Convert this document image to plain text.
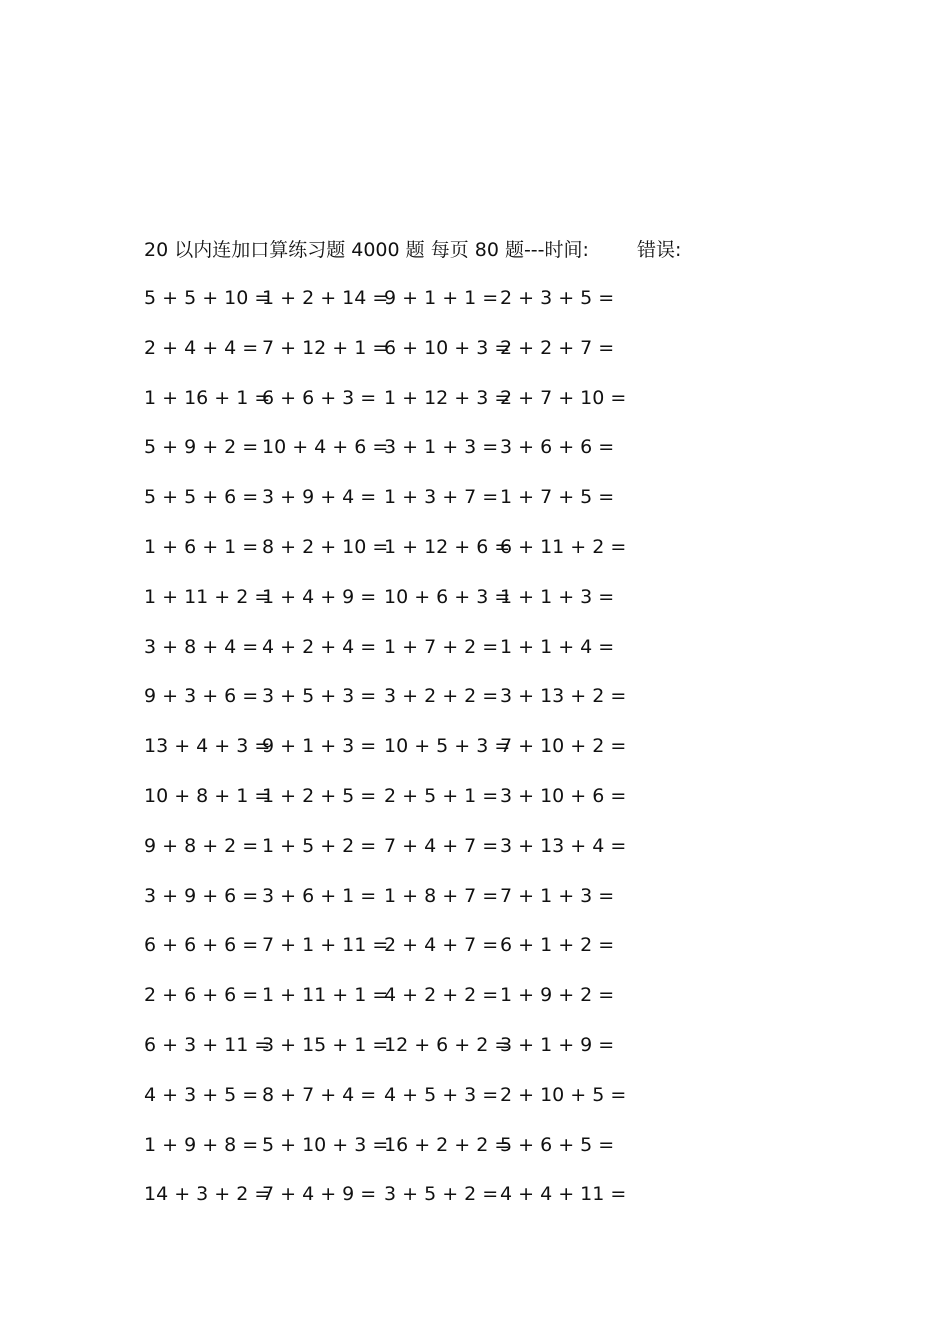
20 以内连加口算练习题 4000 题 每页 80 题---时间:	错误:
5 + 5 + 10 =
1 + 2 + 14 =
9 + 1 + 1 = 2 + 3 + 5 =
2 + 4 + 4 = 7 + 12 + 1 =
6 + 10 + 3 =
2 + 2 + 7 =
1 + 16 + 1 =
6 + 6 + 3 = 1 + 12 + 3 =
2 + 7 + 10 =
5 + 9 + 2 = 10 + 4 + 6 =
3 + 1 + 3 = 3 + 6 + 6 =
5 + 5 + 6 = 3 + 9 + 4 = 1 + 3 + 7 = 1 + 7 + 5 =
1 + 6 + 1 = 8 + 2 + 10 =
1 + 12 + 6 =
6 + 11 + 2 =
1 + 11 + 2 =
1 + 4 + 9 = 10 + 6 + 3 =
1 + 1 + 3 =
3 + 8 + 4 = 4 + 2 + 4 = 1 + 7 + 2 = 1 + 1 + 4 =
9 + 3 + 6 = 3 + 5 + 3 = 3 + 2 + 2 = 3 + 13 + 2 =
13 + 4 + 3 =
9 + 1 + 3 = 10 + 5 + 3 =
7 + 10 + 2 =
10 + 8 + 1 =
1 + 2 + 5 = 2 + 5 + 1 = 3 + 10 + 6 =
9 + 8 + 2 = 1 + 5 + 2 = 7 + 4 + 7 = 3 + 13 + 4 =
3 + 9 + 6 = 3 + 6 + 1 = 1 + 8 + 7 = 7 + 1 + 3 =
6 + 6 + 6 = 7 + 1 + 11 =
2 + 4 + 7 = 6 + 1 + 2 =
2 + 6 + 6 = 1 + 11 + 1 =
4 + 2 + 2 = 1 + 9 + 2 =
6 + 3 + 11 =
3 + 15 + 1 =
12 + 6 + 2 =
3 + 1 + 9 =
4 + 3 + 5 = 8 + 7 + 4 = 4 + 5 + 3 = 2 + 10 + 5 =
1 + 9 + 8 = 5 + 10 + 3 =
16 + 2 + 2 =
5 + 6 + 5 =
14 + 3 + 2 =
7 + 4 + 9 = 3 + 5 + 2 = 4 + 4 + 11 =
